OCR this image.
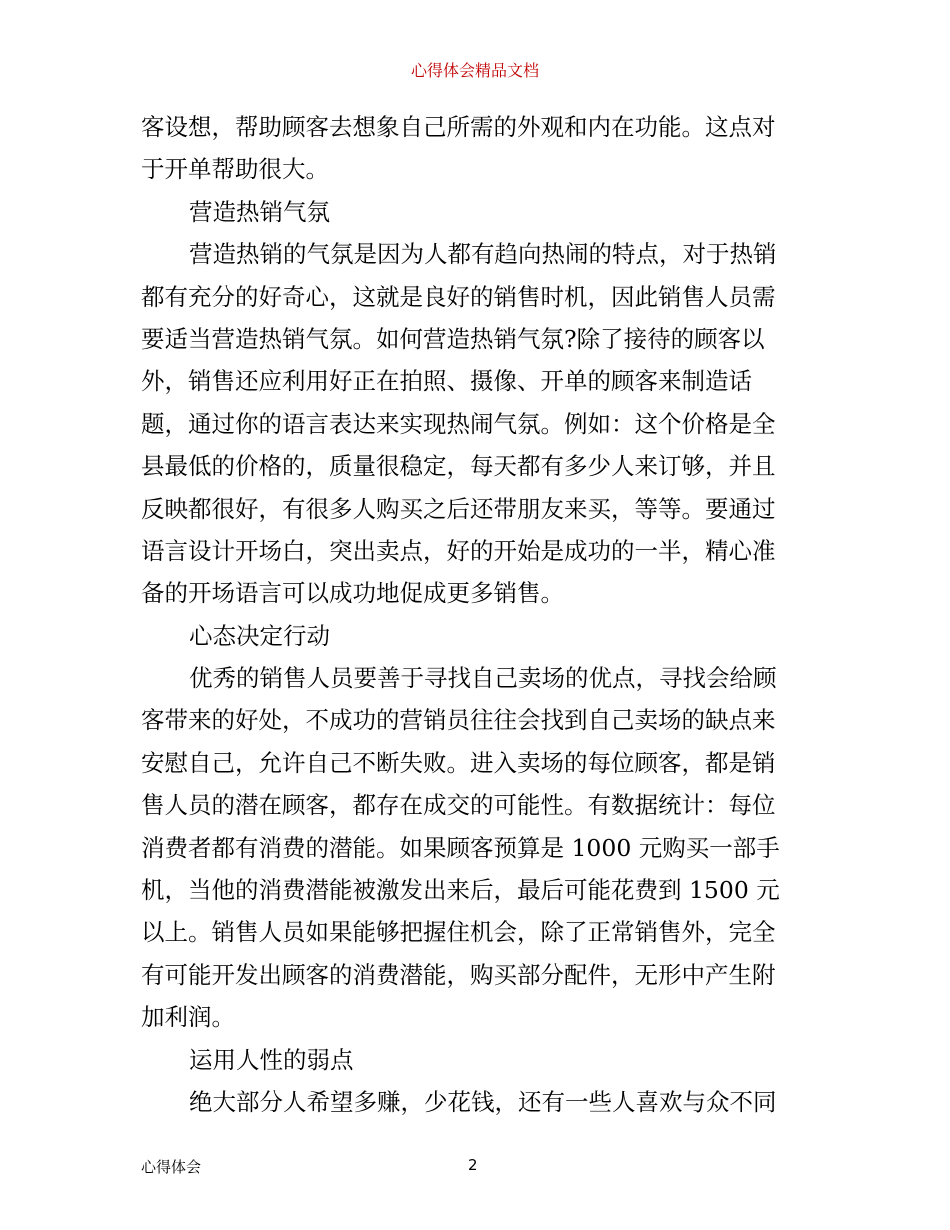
心得体会精品文档
客设想，帮助顾客去想象自己所需的外观和内在功能。这点对
于开单帮助很大。
营造热销气氛
营造热销的气氛是因为人都有趋向热闹的特点，对于热销
都有充分的好奇心，这就是良好的销售时机，因此销售人员需
要适当营造热销气氛。如何营造热销气氛?除了接待的顾客以
外，销售还应利用好正在拍照、摄像、开单的顾客来制造话
题，通过你的语言表达来实现热闹气氛。例如：这个价格是全
县最低的价格的，质量很稳定，每天都有多少人来订够，并且
反映都很好，有很多人购买之后还带朋友来买，等等。要通过
语言设计开场白，突出卖点，好的开始是成功的一半，精心准
备的开场语言可以成功地促成更多销售。
心态决定行动
优秀的销售人员要善于寻找自己卖场的优点，寻找会给顾
客带来的好处，不成功的营销员往往会找到自己卖场的缺点来
安慰自己，允许自己不断失败。进入卖场的每位顾客，都是销
售人员的潜在顾客，都存在成交的可能性。有数据统计：每位
消费者都有消费的潜能。如果顾客预算是 1000 元购买一部手
机，当他的消费潜能被激发出来后，最后可能花费到 1500 元
以上。销售人员如果能够把握住机会，除了正常销售外，完全
有可能开发出顾客的消费潜能，购买部分配件，无形中产生附
加利润。
运用人性的弱点
绝大部分人希望多赚，少花钱，还有一些人喜欢与众不同
心得体会	2
